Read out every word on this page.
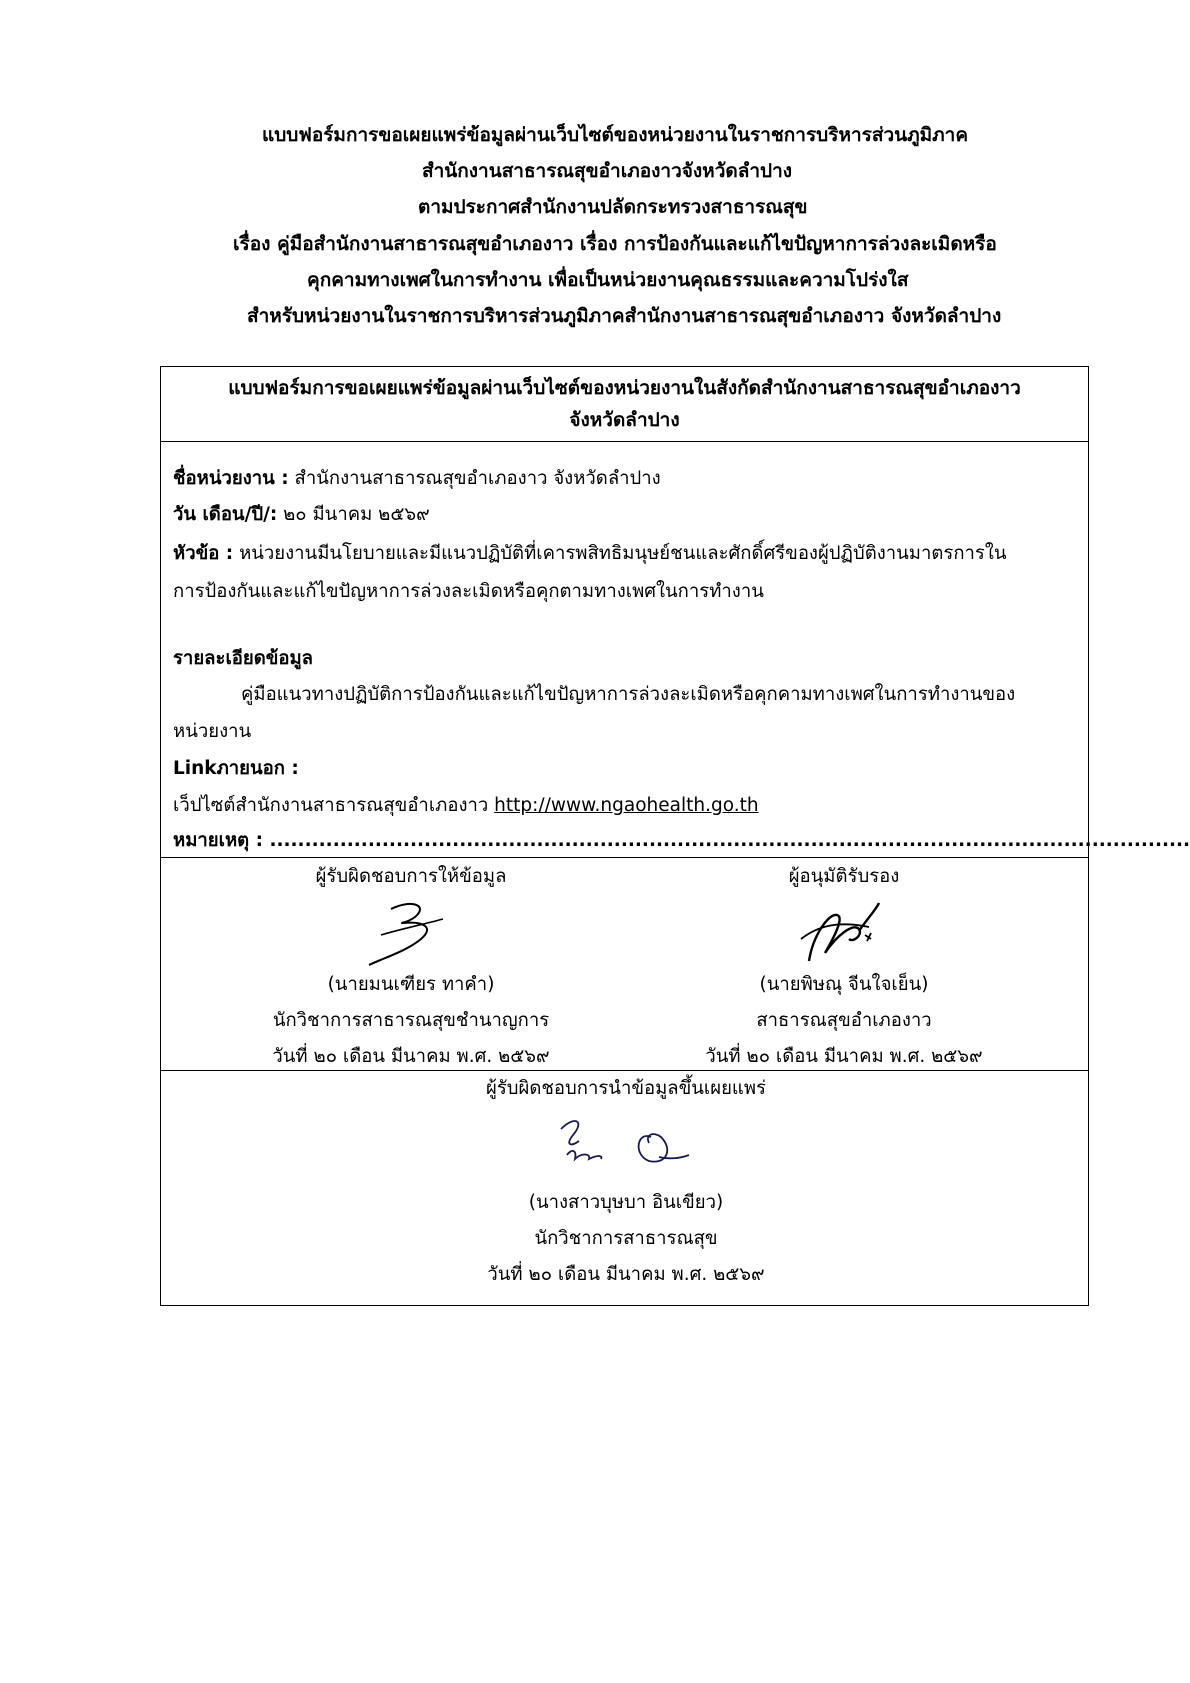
แบบฟอร์มการขอเผยแพร่ข้อมูลผ่านเว็บไซต์ของหน่วยงานในราชการบริหารส่วนภูมิภาค
สำนักงานสาธารณสุขอำเภองาวจังหวัดลำปาง
ตามประกาศสำนักงานปลัดกระทรวงสาธารณสุข
เรื่อง คู่มือสำนักงานสาธารณสุขอำเภองาว เรื่อง การป้องกันและแก้ไขปัญหาการล่วงละเมิดหรือ
คุกคามทางเพศในการทำงาน เพื่อเป็นหน่วยงานคุณธรรมและความโปร่งใส
สำหรับหน่วยงานในราชการบริหารส่วนภูมิภาคสำนักงานสาธารณสุขอำเภองาว จังหวัดลำปาง
แบบฟอร์มการขอเผยแพร่ข้อมูลผ่านเว็บไซต์ของหน่วยงานในสังกัดสำนักงานสาธารณสุขอำเภองาว
จังหวัดลำปาง
ชื่อหน่วยงาน : สำนักงานสาธารณสุขอำเภองาว จังหวัดลำปาง
วัน เดือน/ปี/: ๒๐ มีนาคม ๒๕๖๙
หัวข้อ : หน่วยงานมีนโยบายและมีแนวปฏิบัติที่เคารพสิทธิมนุษย์ชนและศักดิ์ศรีของผู้ปฏิบัติงานมาตรการใน
การป้องกันและแก้ไขปัญหาการล่วงละเมิดหรือคุกตามทางเพศในการทำงาน
รายละเอียดข้อมูล
คู่มือแนวทางปฏิบัติการป้องกันและแก้ไขปัญหาการล่วงละเมิดหรือคุกคามทางเพศในการทำงานของ
หน่วยงาน
Linkภายนอก :
เว็ปไซต์สำนักงานสาธารณสุขอำเภองาว http://www.ngaohealth.go.th
หมายเหตุ : ...................................................................................................................................
ผู้รับผิดชอบการให้ข้อมูล
(นายมนเฑียร ทาคำ)
นักวิชาการสาธารณสุขชำนาญการ
วันที่ ๒๐ เดือน มีนาคม พ.ศ. ๒๕๖๙
ผู้อนุมัติรับรอง
(นายพิษณุ จีนใจเย็น)
สาธารณสุขอำเภองาว
วันที่ ๒๐ เดือน มีนาคม พ.ศ. ๒๕๖๙
ผู้รับผิดชอบการนำข้อมูลขึ้นเผยแพร่
(นางสาวบุษบา อินเขียว)
นักวิชาการสาธารณสุข
วันที่ ๒๐ เดือน มีนาคม พ.ศ. ๒๕๖๙
